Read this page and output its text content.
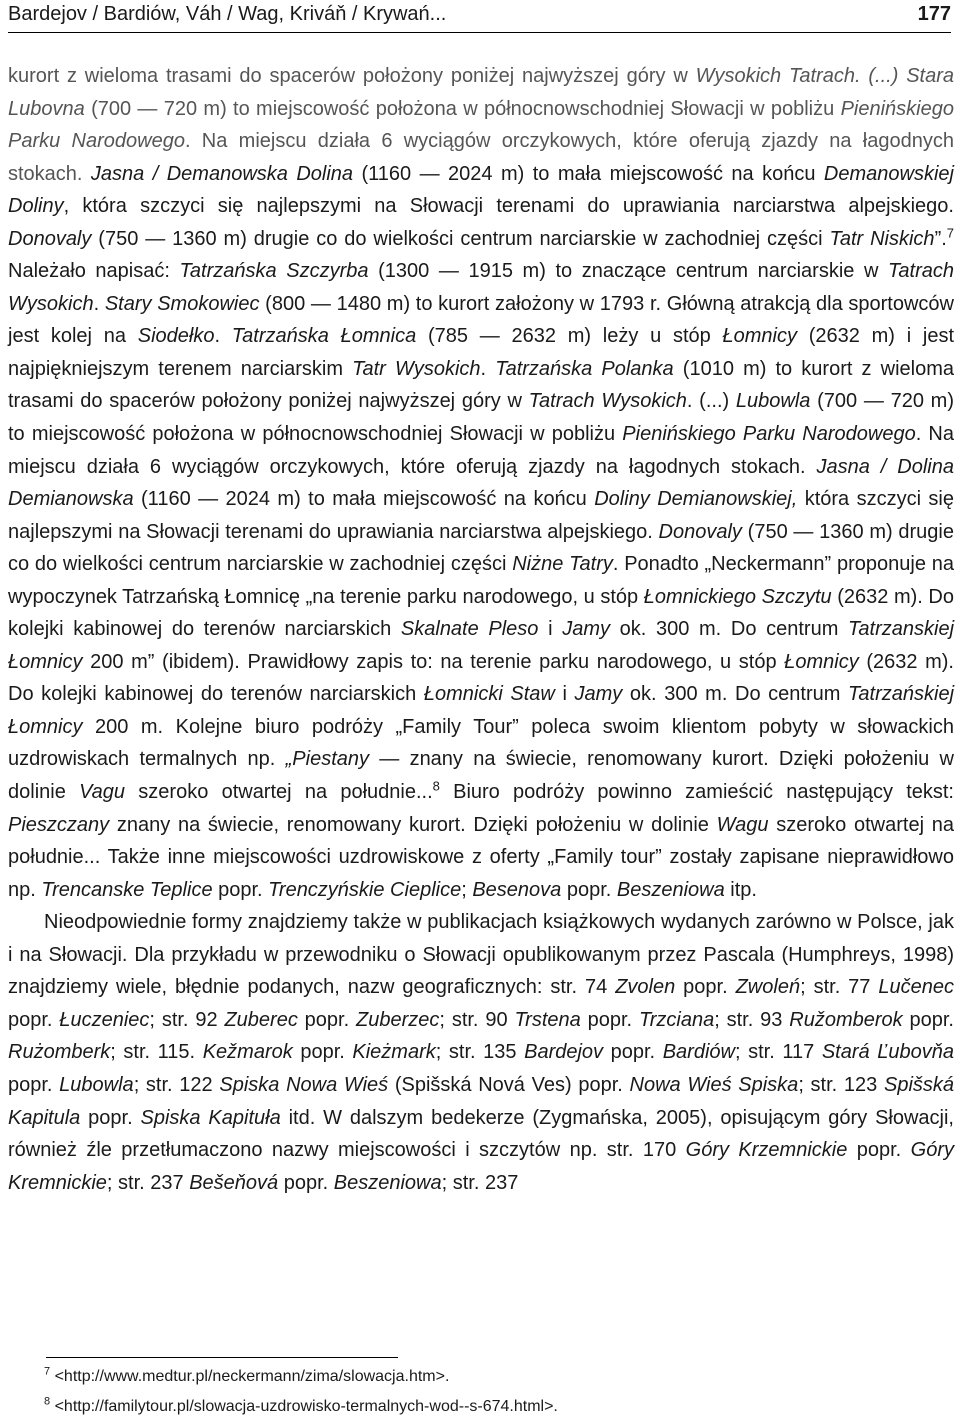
Bardejov / Bardiów, Váh / Wag, Kriváň / Krywań...	177

kurort z wieloma trasami do spacerów położony poniżej najwyższej góry w Wysokich Tatrach. (...) Stara Lubovna (700 — 720 m) to miejscowość położona w północnowschodniej Słowacji w pobliżu Pienińskiego Parku Narodowego. Na miejscu działa 6 wyciągów orczykowych, które oferują zjazdy na łagodnych stokach. Jasna / Demanowska Dolina (1160 — 2024 m) to mała miejscowość na końcu Demanowskiej Doliny, która szczyci się najlepszymi na Słowacji terenami do uprawiania narciarstwa alpejskiego. Donovaly (750 — 1360 m) drugie co do wielkości centrum narciarskie w zachodniej części Tatr Niskich”.$^7$ Należało napisać: Tatrzańska Szczyrba (1300 — 1915 m) to znaczące centrum narciarskie w Tatrach Wysokich. Stary Smokowiec (800 — 1480 m) to kurort założony w 1793 r. Główną atrakcją dla sportowców jest kolej na Siodełko. Tatrzańska Łomnica (785 — 2632 m) leży u stóp Łomnicy (2632 m) i jest najpiękniejszym terenem narciarskim Tatr Wysokich. Tatrzańska Polanka (1010 m) to kurort z wieloma trasami do spacerów położony poniżej najwyższej góry w Tatrach Wysokich. (...) Lubowla (700 — 720 m) to miejscowość położona w północnowschodniej Słowacji w pobliżu Pienińskiego Parku Narodowego. Na miejscu działa 6 wyciągów orczykowych, które oferują zjazdy na łagodnych stokach. Jasna / Dolina Demianowska (1160 — 2024 m) to mała miejscowość na końcu Doliny Demianowskiej, która szczyci się najlepszymi na Słowacji terenami do uprawiania narciarstwa alpejskiego. Donovaly (750 — 1360 m) drugie co do wielkości centrum narciarskie w zachodniej części Niżne Tatry. Ponadto „Neckermann” proponuje na wypoczynek Tatrzańską Łomnicę „na terenie parku narodowego, u stóp Łomnickiego Szczytu (2632 m). Do kolejki kabinowej do terenów narciarskich Skalnate Pleso i Jamy ok. 300 m. Do centrum Tatrzanskiej Łomnicy 200 m” (ibidem). Prawidłowy zapis to: na terenie parku narodowego, u stóp Łomnicy (2632 m). Do kolejki kabinowej do terenów narciarskich Łomnicki Staw i Jamy ok. 300 m. Do centrum Tatrzańskiej Łomnicy 200 m. Kolejne biuro podróży „Family Tour” poleca swoim klientom pobyty w słowackich uzdrowiskach termalnych np. „Piestany — znany na świecie, renomowany kurort. Dzięki położeniu w dolinie Vagu szeroko otwartej na południe...$^8$ Biuro podróży powinno zamieścić następujący tekst: Pieszczany znany na świecie, renomowany kurort. Dzięki położeniu w dolinie Wagu szeroko otwartej na południe... Także inne miejscowości uzdrowiskowe z oferty „Family tour” zostały zapisane nieprawidłowo np. Trencanske Teplice popr. Trenczyńskie Cieplice; Besenova popr. Beszeniowa itp.

Nieodpowiednie formy znajdziemy także w publikacjach książkowych wydanych zarówno w Polsce, jak i na Słowacji. Dla przykładu w przewodniku o Słowacji opublikowanym przez Pascala (Humphreys, 1998) znajdziemy wiele, błędnie podanych, nazw geograficznych: str. 74 Zvolen popr. Zwoleń; str. 77 Lučenec popr. Łuczeniec; str. 92 Zuberec popr. Zuberzec; str. 90 Trstena popr. Trzciana; str. 93 Ružomberok popr. Rużomberk; str. 115. Kežmarok popr. Kieżmark; str. 135 Bardejov popr. Bardiów; str. 117 Stará Ľubovňa popr. Lubowla; str. 122 Spiska Nowa Wieś (Spišská Nová Ves) popr. Nowa Wieś Spiska; str. 123 Spišská Kapitula popr. Spiska Kapituła itd. W dalszym bedekerze (Zygmańska, 2005), opisującym góry Słowacji, również źle przetłumaczono nazwy miejscowości i szczytów np. str. 170 Góry Krzemnickie popr. Góry Kremnickie; str. 237 Bešeňová popr. Beszeniowa; str. 237

$^7$ <http://www.medtur.pl/neckermann/zima/slowacja.htm>.
$^8$ <http://familytour.pl/slowacja-uzdrowisko-termalnych-wod--s-674.html>.
